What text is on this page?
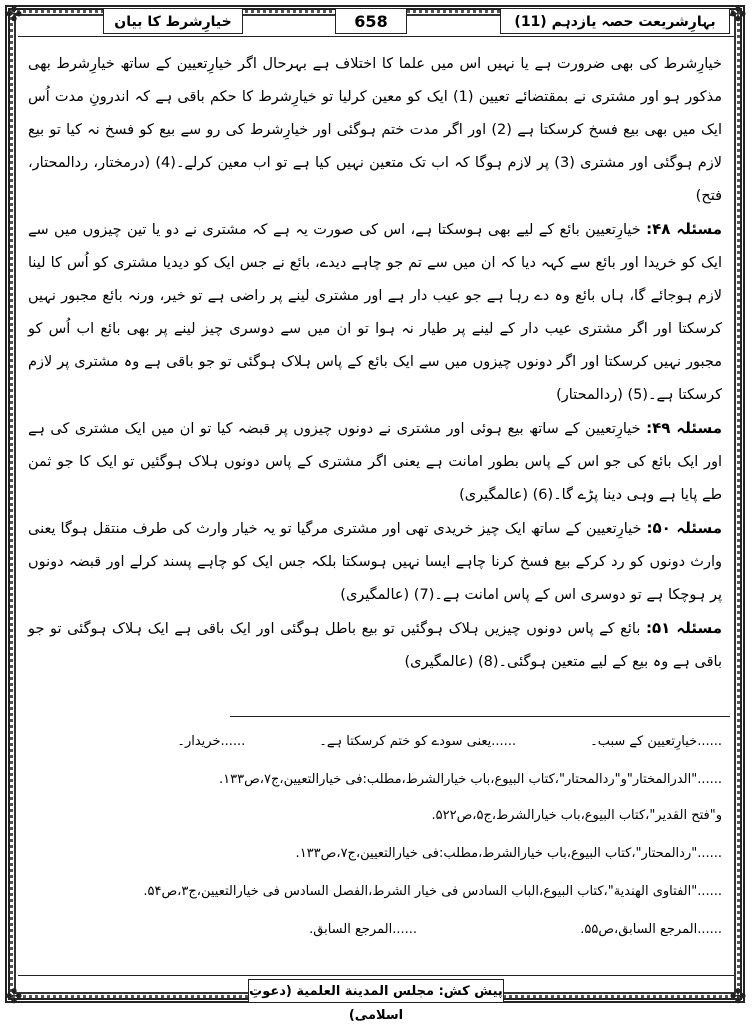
✤	✤
✤	✤
بہارِشریعت حصہ یازدہم (11)
658
خیارِشرط کا بیان

خیارِشرط کی بھی ضرورت ہے یا نہیں اس میں علما کا اختلاف ہے بہرحال اگر خیارِتعیین کے ساتھ خیارِشرط بھی مذکور ہو اور مشتری نے بمقتضائے تعیین (1) ایک کو معین کرلیا تو خیارِشرط کا حکم باقی ہے کہ اندرونِ مدت اُس ایک میں بھی بیع فسخ کرسکتا ہے (2) اور اگر مدت ختم ہوگئی اور خیارِشرط کی رو سے بیع کو فسخ نہ کیا تو بیع لازم ہوگئی اور مشتری (3) پر لازم ہوگا کہ اب تک متعین نہیں کیا ہے تو اب معین کرلے۔(4) (درمختار، ردالمحتار، فتح)

مسئلہ ۴۸: خیارِتعیین بائع کے لیے بھی ہوسکتا ہے، اس کی صورت یہ ہے کہ مشتری نے دو یا تین چیزوں میں سے ایک کو خریدا اور بائع سے کہہ دیا کہ ان میں سے تم جو چاہے دیدے، بائع نے جس ایک کو دیدیا مشتری کو اُس کا لینا لازم ہوجائے گا، ہاں بائع وہ دے رہا ہے جو عیب دار ہے اور مشتری لینے پر راضی ہے تو خیر، ورنہ بائع مجبور نہیں کرسکتا اور اگر مشتری عیب دار کے لینے پر طیار نہ ہوا تو ان میں سے دوسری چیز لینے پر بھی بائع اب اُس کو مجبور نہیں کرسکتا اور اگر دونوں چیزوں میں سے ایک بائع کے پاس ہلاک ہوگئی تو جو باقی ہے وہ مشتری پر لازم کرسکتا ہے۔(5) (ردالمحتار)

مسئلہ ۴۹: خیارِتعیین کے ساتھ بیع ہوئی اور مشتری نے دونوں چیزوں پر قبضہ کیا تو ان میں ایک مشتری کی ہے اور ایک بائع کی جو اس کے پاس بطور امانت ہے یعنی اگر مشتری کے پاس دونوں ہلاک ہوگئیں تو ایک کا جو ثمن طے پایا ہے وہی دینا پڑے گا۔(6) (عالمگیری)

مسئلہ ۵۰: خیارِتعیین کے ساتھ ایک چیز خریدی تھی اور مشتری مرگیا تو یہ خیار وارث کی طرف منتقل ہوگا یعنی وارث دونوں کو رد کرکے بیع فسخ کرنا چاہے ایسا نہیں ہوسکتا بلکہ جس ایک کو چاہے پسند کرلے اور قبضہ دونوں پر ہوچکا ہے تو دوسری اس کے پاس امانت ہے۔(7) (عالمگیری)

مسئلہ ۵۱: بائع کے پاس دونوں چیزیں ہلاک ہوگئیں تو بیع باطل ہوگئی اور ایک باقی ہے ایک ہلاک ہوگئی تو جو باقی ہے وہ بیع کے لیے متعین ہوگئی۔(8) (عالمگیری)

......خیارِتعیین کے سبب۔
......یعنی سودے کو ختم کرسکتا ہے۔
......خریدار۔
......"الدرالمختار"و"ردالمحتار"،کتاب البیوع،باب خیارالشرط،مطلب:فی خیارالتعیین،ج۷،ص۱۳۳.
و"فتح القدیر"،کتاب البیوع،باب خیارالشرط،ج۵،ص۵۲۲.
......"ردالمحتار"،کتاب البیوع،باب خیارالشرط،مطلب:فی خیارالتعیین،ج۷،ص۱۳۳.
......"الفتاوی الهندیة"،کتاب البیوع،الباب السادس فی خیار الشرط،الفصل السادس فی خیارالتعیین،ج۳،ص۵۴.
......المرجع السابق،ص۵۵.
......المرجع السابق.
پیش کش: مجلس المدینة العلمیة (دعوتِ اسلامی)
